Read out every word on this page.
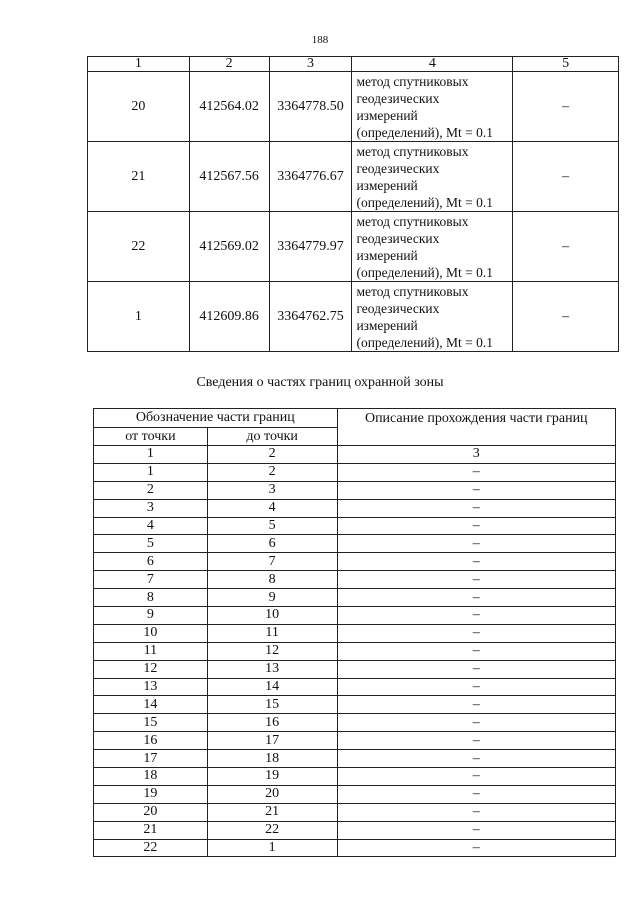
188
1	2	3	4	5
20	412564.02	3364778.50	метод спутниковых
геодезических
измерений
(определений), Mt = 0.1	–
21	412567.56	3364776.67	метод спутниковых
геодезических
измерений
(определений), Mt = 0.1	–
22	412569.02	3364779.97	метод спутниковых
геодезических
измерений
(определений), Mt = 0.1	–
1	412609.86	3364762.75	метод спутниковых
геодезических
измерений
(определений), Mt = 0.1	–
Сведения о частях границ охранной зоны
Обозначение части границ		Описание прохождения части границ
от точки	до точки	
1	2	3
1	2	–
2	3	–
3	4	–
4	5	–
5	6	–
6	7	–
7	8	–
8	9	–
9	10	–
10	11	–
11	12	–
12	13	–
13	14	–
14	15	–
15	16	–
16	17	–
17	18	–
18	19	–
19	20	–
20	21	–
21	22	–
22	1	–
